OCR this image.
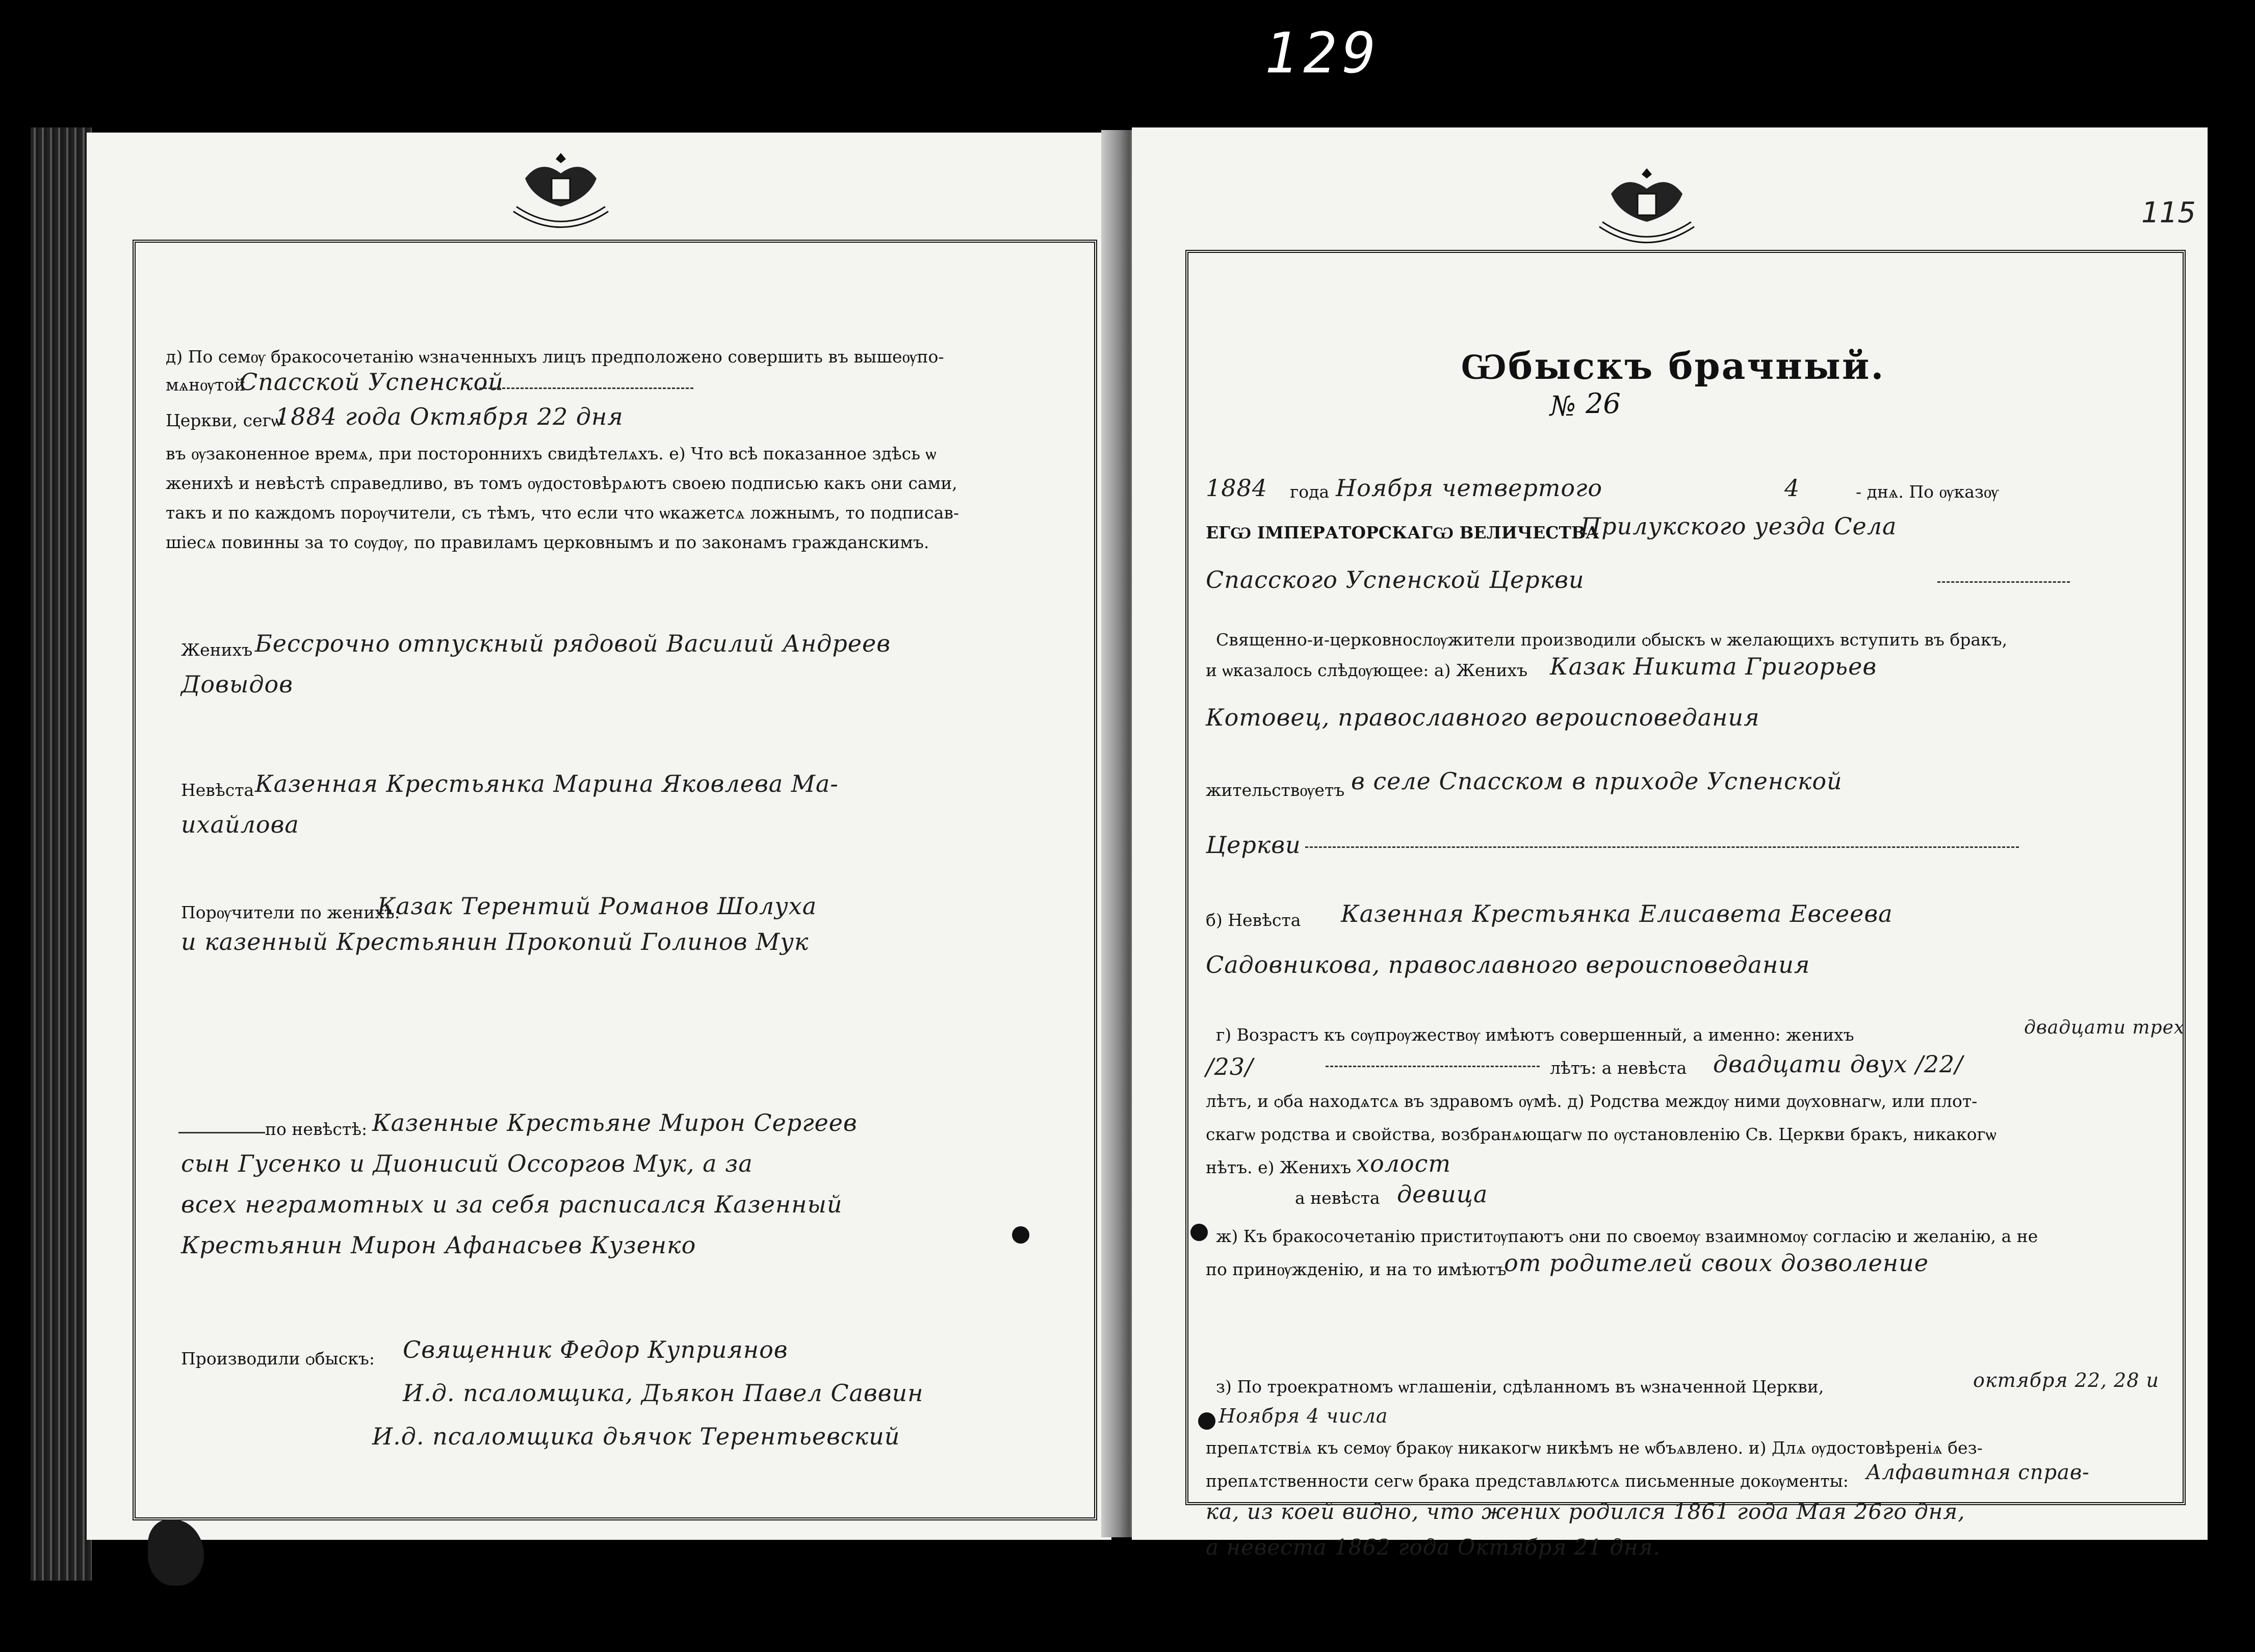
129
д) По семѹ бракосочетанiю ѡзначенныхъ лицъ предположено совершить въ вышеѹпо-
мѧнѹтой
Спасской Успенской
Церкви, сегѡ
1884 года Октября 22 дня
въ ѹзаконенное времѧ, при постороннихъ свидѣтелѧхъ. е) Что всѣ показанное здѣсь ѡ
женихѣ и невѣстѣ справедливо, въ томъ ѹдостовѣрѧютъ своею подписью какъ ѻни сами,
такъ и по каждомъ порѹчители, съ тѣмъ, что если что ѡкажетсѧ ложнымъ, то подписав-
шiесѧ повинны за то сѹдѹ, по правиламъ церковнымъ и по законамъ гражданскимъ.
Женихъ Бессрочно отпускный рядовой Василий Андреев
Довыдов
Невѣста Казенная Крестьянка Марина Яковлева Ма-
ихайлова
Порѹчители по женихѣ:
Казак Терентий Романов Шолуха
и казенный Крестьянин Прокопий Голинов Мук
по невѣстѣ: Казенные Крестьяне Мирон Сергеев
сын Гусенко и Дионисий Оссоргов Мук, а за
всех неграмотных и за себя расписался Казенный
Крестьянин Мирон Афанасьев Кузенко
Производили ѻбыскъ: Священник Федор Куприянов
И.д. псаломщика, Дьякон Павел Саввин
И.д. псаломщика дьячок Терентьевский
115
Ѡбыскъ брачный.
№ 26
1884 года Ноября четвертого	4	- днѧ. По ѹказѹ
ЕГѠ ІМПЕРАТОРСКАГѠ ВЕЛИЧЕСТВА
Прилукского уезда Села
Спасского Успенской Церкви
Священно-и-церковнослѹжители производили ѻбыскъ ѡ желающихъ вступить въ бракъ,
и ѡказалось слѣдѹющее: а) Женихъ Казак Никита Григорьев
Котовец, православного вероисповедания
жительствѹетъ в селе Спасском в приходе Успенской
Церкви
б) Невѣста Казенная Крестьянка Елисавета Евсеева
Садовникова, православного вероисповедания
г) Возрастъ къ сѹпрѹжествѹ имѣютъ совершенный, а именно: женихъ	двадцати трех
/23/	лѣтъ: а невѣста двадцати двух /22/
лѣтъ, и ѻба находѧтсѧ въ здравомъ ѹмѣ. д) Родства междѹ ними дѹховнагѡ, или плот-
скагѡ родства и свойства, возбранѧющагѡ по ѹстановленiю Св. Церкви бракъ, никакогѡ
нѣтъ. е) Женихъ холост
а невѣста девица
ж) Къ бракосочетанiю приститѹпаютъ ѻни по своемѹ взаимномѹ согласiю и желанiю, а не
по принѹжденiю, и на то имѣютъ
от родителей своих дозволение
з) По троекратномъ ѡглашенiи, сдѣланномъ въ ѡзначенной Церкви,	октября 22, 28 и
Ноября 4 числа
препѧтствiѧ къ семѹ бракѹ никакогѡ никѣмъ не ѡбъѧвлено. и) Длѧ ѹдостовѣренiѧ без-
препѧтственности сегѡ брака представлѧютсѧ письменные докѹменты: Алфавитная справ-
ка, из коей видно, что жених родился 1861 года Мая 26го дня,
а невеста 1862 года Октября 21 дня.
